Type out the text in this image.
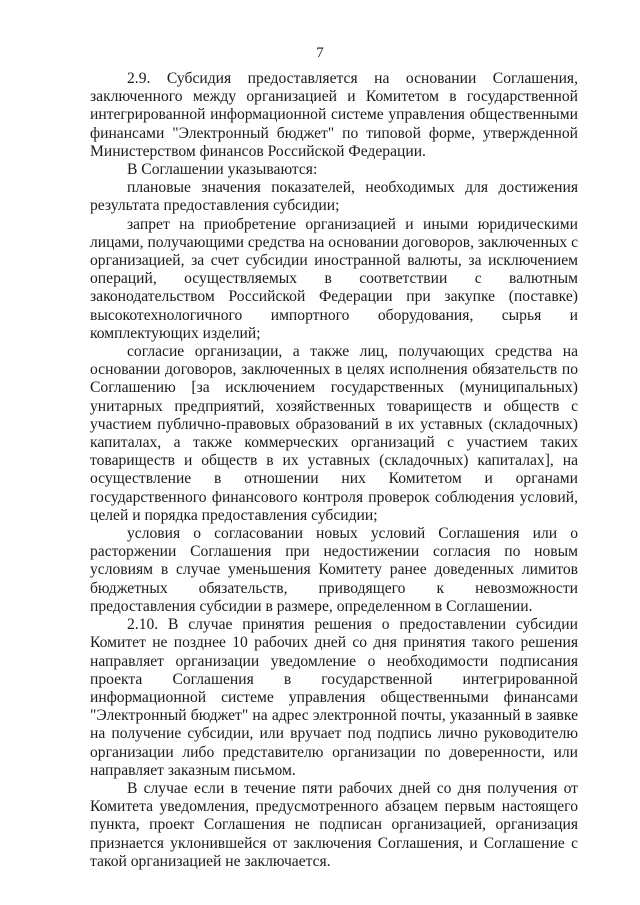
7

2.9. Субсидия предоставляется на основании Соглашения, заключенного между организацией и Комитетом в государственной интегрированной информационной системе управления общественными финансами "Электронный бюджет" по типовой форме, утвержденной Министерством финансов Российской Федерации.

В Соглашении указываются:

плановые значения показателей, необходимых для достижения результата предоставления субсидии;

запрет на приобретение организацией и иными юридическими лицами, получающими средства на основании договоров, заключенных с организацией, за счет субсидии иностранной валюты, за исключением операций, осуществляемых в соответствии с валютным законодательством Российской Федерации при закупке (поставке) высокотехнологичного импортного оборудования, сырья и комплектующих изделий;

согласие организации, а также лиц, получающих средства на основании договоров, заключенных в целях исполнения обязательств по Соглашению [за исключением государственных (муниципальных) унитарных предприятий, хозяйственных товариществ и обществ с участием публично-правовых образований в их уставных (складочных) капиталах, а также коммерческих организаций с участием таких товариществ и обществ в их уставных (складочных) капиталах], на осуществление в отношении них Комитетом и органами государственного финансового контроля проверок соблюдения условий, целей и порядка предоставления субсидии;

условия о согласовании новых условий Соглашения или о расторжении Соглашения при недостижении согласия по новым условиям в случае уменьшения Комитету ранее доведенных лимитов бюджетных обязательств, приводящего к невозможности предоставления субсидии в размере, определенном в Соглашении.

2.10. В случае принятия решения о предоставлении субсидии Комитет не позднее 10 рабочих дней со дня принятия такого решения направляет организации уведомление о необходимости подписания проекта Соглашения в государственной интегрированной информационной системе управления общественными финансами "Электронный бюджет" на адрес электронной почты, указанный в заявке на получение субсидии, или вручает под подпись лично руководителю организации либо представителю организации по доверенности, или направляет заказным письмом.

В случае если в течение пяти рабочих дней со дня получения от Комитета уведомления, предусмотренного абзацем первым настоящего пункта, проект Соглашения не подписан организацией, организация признается уклонившейся от заключения Соглашения, и Соглашение с такой организацией не заключается.
